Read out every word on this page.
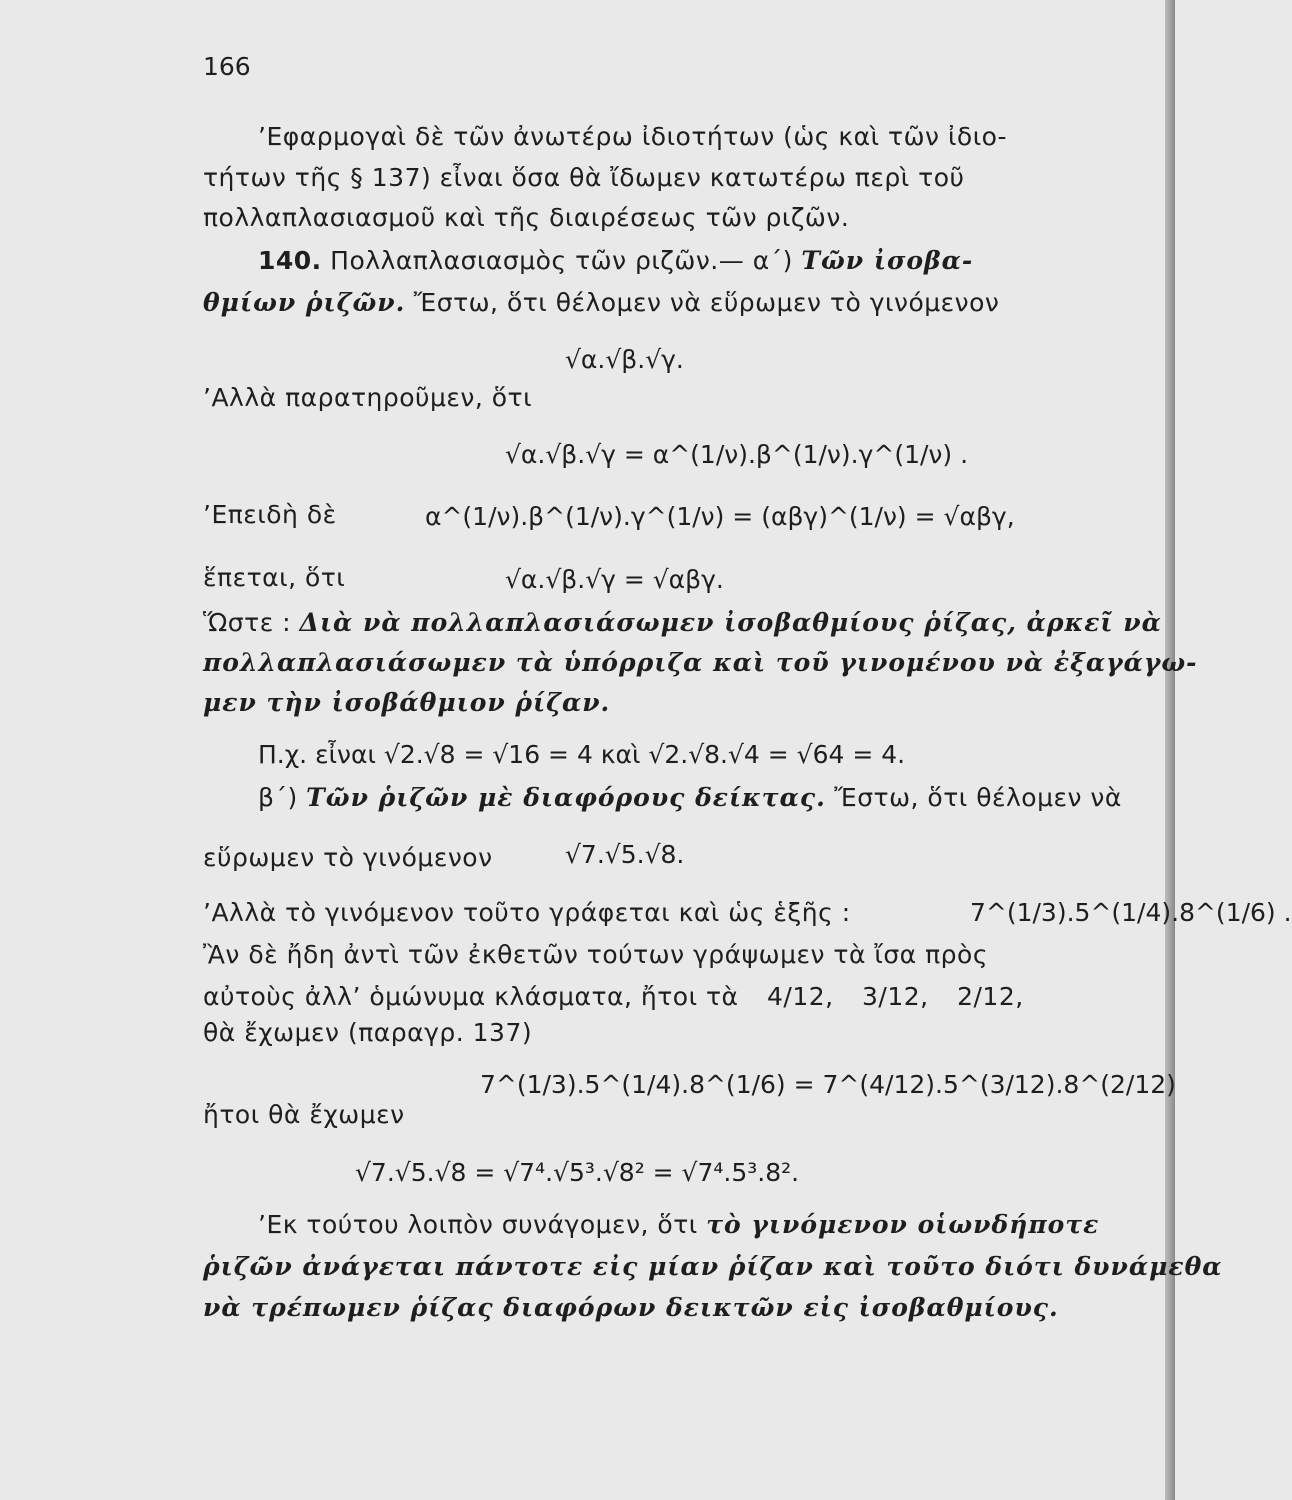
166
’Εφαρμογαὶ δὲ τῶν ἀνωτέρω ἰδιοτήτων (ὡς καὶ τῶν ἰδιο-
τήτων τῆς § 137) εἶναι ὅσα θὰ ἴδωμεν κατωτέρω περὶ τοῦ
πολλαπλασιασμοῦ καὶ τῆς διαιρέσεως τῶν ριζῶν.
140. Πολλαπλασιασμὸς τῶν ριζῶν.— α΄) Τῶν ἰσοβα-
θμίων ῥιζῶν. Ἔστω, ὅτι θέλομεν νὰ εὕρωμεν τὸ γινόμενον
√α.√β.√γ.
’Αλλὰ παρατηροῦμεν, ὅτι
√α.√β.√γ = α^(1/ν).β^(1/ν).γ^(1/ν) .
’Επειδὴ δὲ	α^(1/ν).β^(1/ν).γ^(1/ν) = (αβγ)^(1/ν) = √αβγ,
ἕπεται, ὅτι	√α.√β.√γ = √αβγ.
Ὥστε : Διὰ νὰ πολλαπλασιάσωμεν ἰσοβαθμίους ῥίζας, ἀρκεῖ νὰ
πολλαπλασιάσωμεν τὰ ὑπόρριζα καὶ τοῦ γινομένου νὰ ἐξαγάγω-
μεν τὴν ἰσοβάθμιον ῥίζαν.
Π.χ. εἶναι √2.√8 = √16 = 4 καὶ √2.√8.√4 = √64 = 4.
β΄) Τῶν ῥιζῶν μὲ διαφόρους δείκτας. Ἔστω, ὅτι θέλομεν νὰ
εὕρωμεν τὸ γινόμενον	√7.√5.√8.
’Αλλὰ τὸ γινόμενον τοῦτο γράφεται καὶ ὡς ἑξῆς :	7^(1/3).5^(1/4).8^(1/6) .
Ἂν δὲ ἤδη ἀντὶ τῶν ἐκθετῶν τούτων γράψωμεν τὰ ἴσα πρὸς
αὐτοὺς ἀλλ’ ὁμώνυμα κλάσματα, ἤτοι τὰ 4/12, 3/12, 2/12,
θὰ ἔχωμεν (παραγρ. 137)
7^(1/3).5^(1/4).8^(1/6) = 7^(4/12).5^(3/12).8^(2/12)
ἤτοι θὰ ἔχωμεν
√7.√5.√8 = √7⁴.√5³.√8² = √7⁴.5³.8².
’Εκ τούτου λοιπὸν συνάγομεν, ὅτι τὸ γινόμενον οἱωνδήποτε
ῥιζῶν ἀνάγεται πάντοτε εἰς μίαν ῥίζαν καὶ τοῦτο διότι δυνάμεθα
νὰ τρέπωμεν ῥίζας διαφόρων δεικτῶν εἰς ἰσοβαθμίους.
